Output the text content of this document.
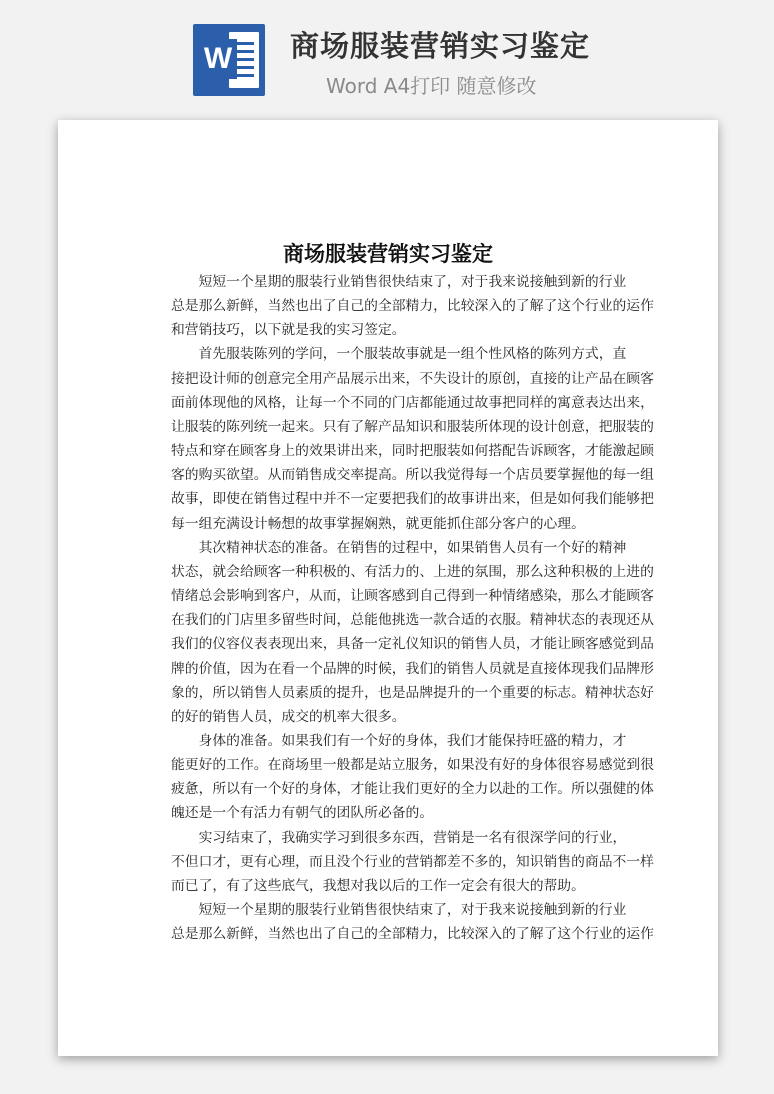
W 商场服装营销实习鉴定
Word A4打印 随意修改
商场服装营销实习鉴定

短短一个星期的服装行业销售很快结束了，对于我来说接触到新的行业
总是那么新鲜，当然也出了自己的全部精力，比较深入的了解了这个行业的运作
和营销技巧，以下就是我的实习签定。

首先服装陈列的学问，一个服装故事就是一组个性风格的陈列方式，直
接把设计师的创意完全用产品展示出来，不失设计的原创，直接的让产品在顾客
面前体现他的风格，让每一个不同的门店都能通过故事把同样的寓意表达出来，
让服装的陈列统一起来。只有了解产品知识和服装所体现的设计创意，把服装的
特点和穿在顾客身上的效果讲出来，同时把服装如何搭配告诉顾客，才能激起顾
客的购买欲望。从而销售成交率提高。所以我觉得每一个店员要掌握他的每一组
故事，即使在销售过程中并不一定要把我们的故事讲出来，但是如何我们能够把
每一组充满设计畅想的故事掌握娴熟，就更能抓住部分客户的心理。

其次精神状态的准备。在销售的过程中，如果销售人员有一个好的精神
状态，就会给顾客一种积极的、有活力的、上进的氛围，那么这种积极的上进的
情绪总会影响到客户，从而，让顾客感到自己得到一种情绪感染，那么才能顾客
在我们的门店里多留些时间，总能他挑选一款合适的衣服。精神状态的表现还从
我们的仪容仪表表现出来，具备一定礼仪知识的销售人员，才能让顾客感觉到品
牌的价值，因为在看一个品牌的时候，我们的销售人员就是直接体现我们品牌形
象的，所以销售人员素质的提升，也是品牌提升的一个重要的标志。精神状态好
的好的销售人员，成交的机率大很多。

身体的准备。如果我们有一个好的身体，我们才能保持旺盛的精力，才
能更好的工作。在商场里一般都是站立服务，如果没有好的身体很容易感觉到很
疲惫，所以有一个好的身体，才能让我们更好的全力以赴的工作。所以强健的体
魄还是一个有活力有朝气的团队所必备的。

实习结束了，我确实学习到很多东西，营销是一名有很深学问的行业，
不但口才，更有心理，而且没个行业的营销都差不多的，知识销售的商品不一样
而已了，有了这些底气，我想对我以后的工作一定会有很大的帮助。

短短一个星期的服装行业销售很快结束了，对于我来说接触到新的行业
总是那么新鲜，当然也出了自己的全部精力，比较深入的了解了这个行业的运作
